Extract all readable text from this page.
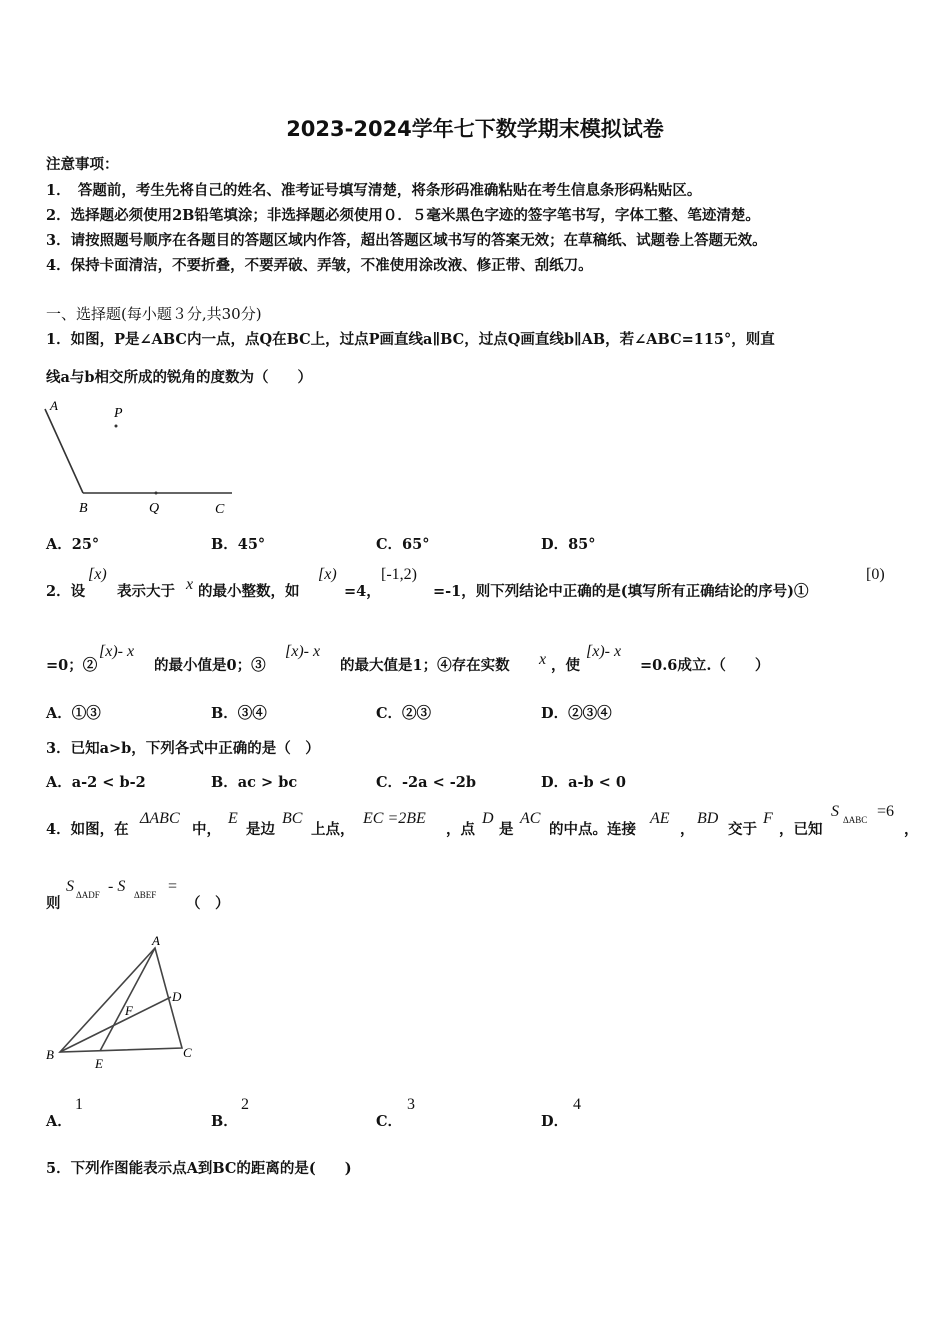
2023-2024学年七下数学期末模拟试卷
注意事项：
1．　答题前，考生先将自己的姓名、准考证号填写清楚，将条形码准确粘贴在考生信息条形码粘贴区。
2．选择题必须使用2B铅笔填涂；非选择题必须使用０．５毫米黑色字迹的签字笔书写，字体工整、笔迹清楚。
3．请按照题号顺序在各题目的答题区域内作答，超出答题区域书写的答案无效；在草稿纸、试题卷上答题无效。
4．保持卡面清洁，不要折叠，不要弄破、弄皱，不准使用涂改液、修正带、刮纸刀。
一、选择题(每小题３分,共30分)
1．如图，P是∠ABC内一点，点Q在BC上，过点P画直线a∥BC，过点Q画直线b∥AB，若∠ABC=115°，则直
线a与b相交所成的锐角的度数为（　　）
A
P
B	Q	C
A．25°	B．45°	C．65°	D．85°
2．设
[x)
表示大于 x 的最小整数，如
[x)
=4，
[-1,2)
=-1，则下列结论中正确的是(填写所有正确结论的序号)①
[0)
=0；②
[x)- x
的最小值是0；③
[x)- x
的最大值是1；④存在实数 x ，使
[x)- x
=0.6成立.（　　）
A．①③	B．③④	C．②③	D．②③④
3．已知a>b，下列各式中正确的是（　）
A．a-2 < b-2	B．ac > bc	C．-2a < -2b	D．a-b < 0
4．如图，在
ΔABC
中，
E
是边
BC
上点，
EC =2BE
，点
D
是
AC
的中点。连接
AE
，
BD
交于
F
，已知
S ΔABC =6
，
则
S ΔADF - S ΔBEF =
（　）
A
B	C
D
E
F
A．
1
B．
2
C．
3
D．
4
5．下列作图能表示点A到BC的距离的是(　　)
